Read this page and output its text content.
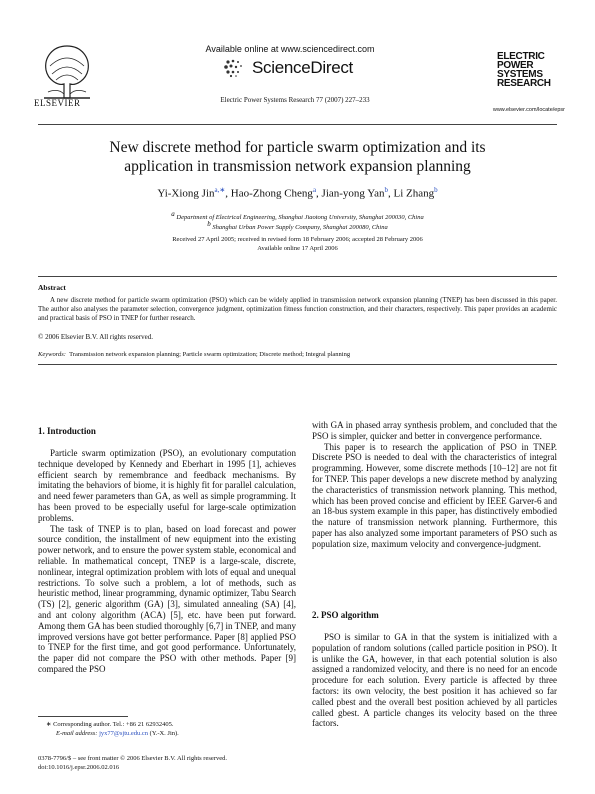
ELSEVIER
Available online at www.sciencedirect.com
ScienceDirect
Electric Power Systems Research 77 (2007) 227–233
ELECTRIC
POWER
SYSTEMS
RESEARCH
www.elsevier.com/locate/epsr
New discrete method for particle swarm optimization and its
application in transmission network expansion planning
Yi-Xiong Jin$^{a,∗}$, Hao-Zhong Cheng$^a$, Jian-yong Yan$^b$, Li Zhang$^b$
$^a$ Department of Electrical Engineering, Shanghai Jiaotong University, Shanghai 200030, China
$^b$ Shanghai Urban Power Supply Company, Shanghai 200080, China
Received 27 April 2005; received in revised form 18 February 2006; accepted 28 February 2006
Available online 17 April 2006
Abstract
A new discrete method for particle swarm optimization (PSO) which can be widely applied in transmission network expansion planning (TNEP) has been discussed in this paper. The author also analyses the parameter selection, convergence judgment, optimization fitness function construction, and their characters, respectively. This paper provides an academic and practical basis of PSO in TNEP for further research.
© 2006 Elsevier B.V. All rights reserved.
Keywords: Transmission network expansion planning; Particle swarm optimization; Discrete method; Integral planning
1. Introduction

Particle swarm optimization (PSO), an evolutionary computation technique developed by Kennedy and Eberhart in 1995 [1], achieves efficient search by remembrance and feedback mechanisms. By imitating the behaviors of biome, it is highly fit for parallel calculation, and need fewer parameters than GA, as well as simple programming. It has been proved to be especially useful for large-scale optimization problems.

The task of TNEP is to plan, based on load forecast and power source condition, the installment of new equipment into the existing power network, and to ensure the power system stable, economical and reliable. In mathematical concept, TNEP is a large-scale, discrete, nonlinear, integral optimization problem with lots of equal and unequal restrictions. To solve such a problem, a lot of methods, such as heuristic method, linear programming, dynamic optimizer, Tabu Search (TS) [2], generic algorithm (GA) [3], simulated annealing (SA) [4], and ant colony algorithm (ACA) [5], etc. have been put forward. Among them GA has been studied thoroughly [6,7] in TNEP, and many improved versions have got better performance. Paper [8] applied PSO to TNEP for the first time, and got good performance. Unfortunately, the paper did not compare the PSO with other methods. Paper [9] compared the PSO

with GA in phased array synthesis problem, and concluded that the PSO is simpler, quicker and better in convergence performance.

This paper is to research the application of PSO in TNEP. Discrete PSO is needed to deal with the characteristics of integral programming. However, some discrete methods [10–12] are not fit for TNEP. This paper develops a new discrete method by analyzing the characteristics of transmission network planning. This method, which has been proved concise and efficient by IEEE Garver-6 and an 18-bus system example in this paper, has distinctively embodied the nature of transmission network planning. Furthermore, this paper has also analyzed some important parameters of PSO such as population size, maximum velocity and convergence-judgment.

2. PSO algorithm

PSO is similar to GA in that the system is initialized with a population of random solutions (called particle position in PSO). It is unlike the GA, however, in that each potential solution is also assigned a randomized velocity, and there is no need for an encode procedure for each solution. Every particle is affected by three factors: its own velocity, the best position it has achieved so far called pbest and the overall best position achieved by all particles called gbest. A particle changes its velocity based on the three factors.

∗ Corresponding author. Tel.: +86 21 62932405.
E-mail address: jyx77@sjtu.edu.cn (Y.-X. Jin).
0378-7796/$ – see front matter © 2006 Elsevier B.V. All rights reserved.
doi:10.1016/j.epsr.2006.02.016
